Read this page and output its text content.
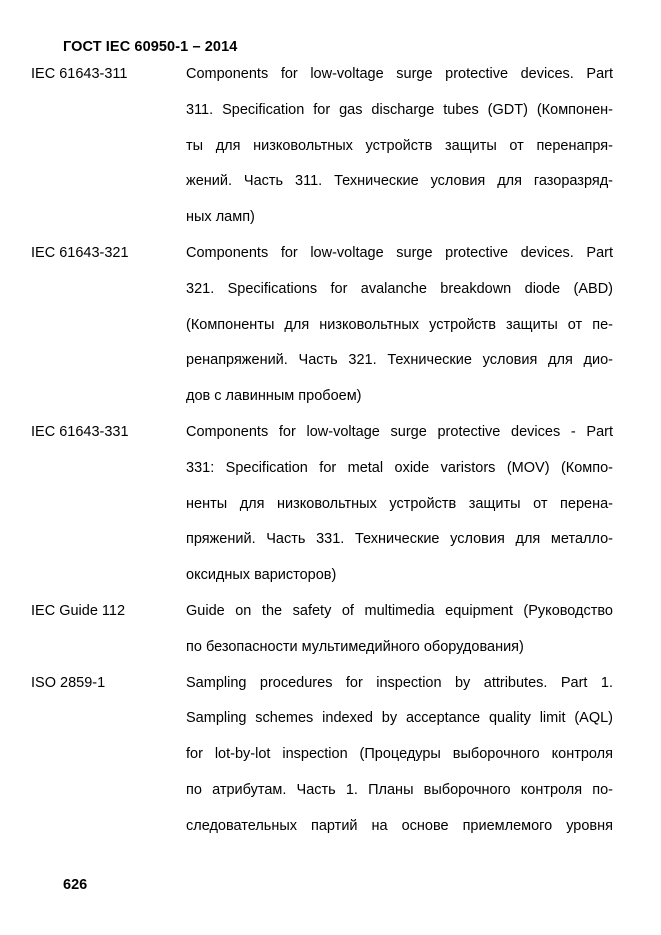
ГОСТ IEC 60950-1 – 2014
IEC 61643-311	Components for low-voltage surge protective devices. Part
311. Specification for gas discharge tubes (GDT) (Компонен-
ты для низковольтных устройств защиты от перенапря-
жений. Часть 311. Технические условия для газоразряд-
ных ламп)
IEC 61643-321	Components for low-voltage surge protective devices. Part
321. Specifications for avalanche breakdown diode (ABD)
(Компоненты для низковольтных устройств защиты от пе-
ренапряжений. Часть 321. Технические условия для дио-
дов с лавинным пробоем)
IEC 61643-331	Components for low-voltage surge protective devices - Part
331: Specification for metal oxide varistors (MOV) (Компо-
ненты для низковольтных устройств защиты от перена-
пряжений. Часть 331. Технические условия для металло-
оксидных варисторов)
IEC Guide 112	Guide on the safety of multimedia equipment (Руководство
по безопасности мультимедийного оборудования)
ISO 2859-1	Sampling procedures for inspection by attributes. Part 1.
Sampling schemes indexed by acceptance quality limit (AQL)
for lot-by-lot inspection (Процедуры выборочного контроля
по атрибутам. Часть 1. Планы выборочного контроля по-
следовательных партий на основе приемлемого уровня
626
